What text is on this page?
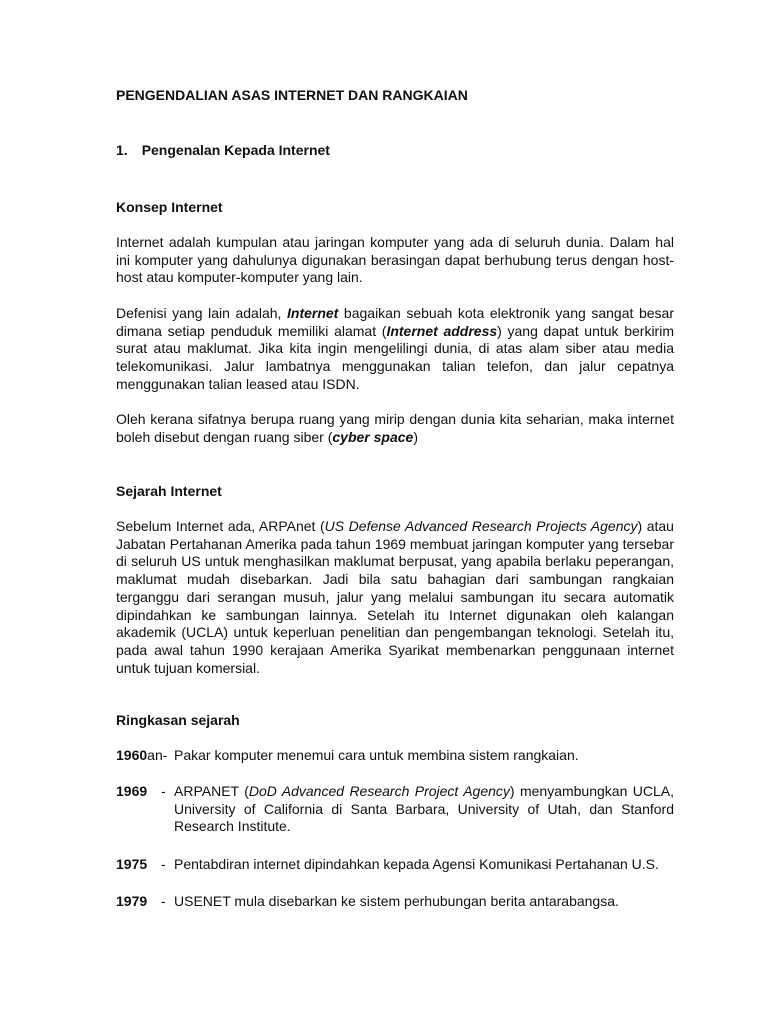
PENGENDALIAN ASAS INTERNET DAN RANGKAIAN
1. Pengenalan Kepada Internet
Konsep Internet
Internet adalah kumpulan atau jaringan komputer yang ada di seluruh dunia. Dalam hal
ini komputer yang dahulunya digunakan berasingan dapat berhubung terus dengan host-
host atau komputer-komputer yang lain.
Defenisi yang lain adalah, Internet bagaikan sebuah kota elektronik yang sangat besar dimana setiap penduduk memiliki alamat (Internet address) yang dapat untuk berkirim surat atau maklumat. Jika kita ingin mengelilingi dunia, di atas alam siber atau media telekomunikasi. Jalur lambatnya menggunakan talian telefon, dan jalur cepatnya menggunakan talian leased atau ISDN.
Oleh kerana sifatnya berupa ruang yang mirip dengan dunia kita seharian, maka internet boleh disebut dengan ruang siber (cyber space)
Sejarah Internet
Sebelum Internet ada, ARPAnet (US Defense Advanced Research Projects Agency) atau Jabatan Pertahanan Amerika pada tahun 1969 membuat jaringan komputer yang tersebar di seluruh US untuk menghasilkan maklumat berpusat, yang apabila berlaku peperangan, maklumat mudah disebarkan. Jadi bila satu bahagian dari sambungan rangkaian terganggu dari serangan musuh, jalur yang melalui sambungan itu secara automatik dipindahkan ke sambungan lainnya. Setelah itu Internet digunakan oleh kalangan akademik (UCLA) untuk keperluan penelitian dan pengembangan teknologi. Setelah itu, pada awal tahun 1990 kerajaan Amerika Syarikat membenarkan penggunaan internet untuk tujuan komersial.
Ringkasan sejarah
1960an- Pakar komputer menemui cara untuk membina sistem rangkaian.
1969 - ARPANET (DoD Advanced Research Project Agency) menyambungkan UCLA, University of California di Santa Barbara, University of Utah, dan Stanford Research Institute.
1975 - Pentabdiran internet dipindahkan kepada Agensi Komunikasi Pertahanan U.S.
1979 - USENET mula disebarkan ke sistem perhubungan berita antarabangsa.
